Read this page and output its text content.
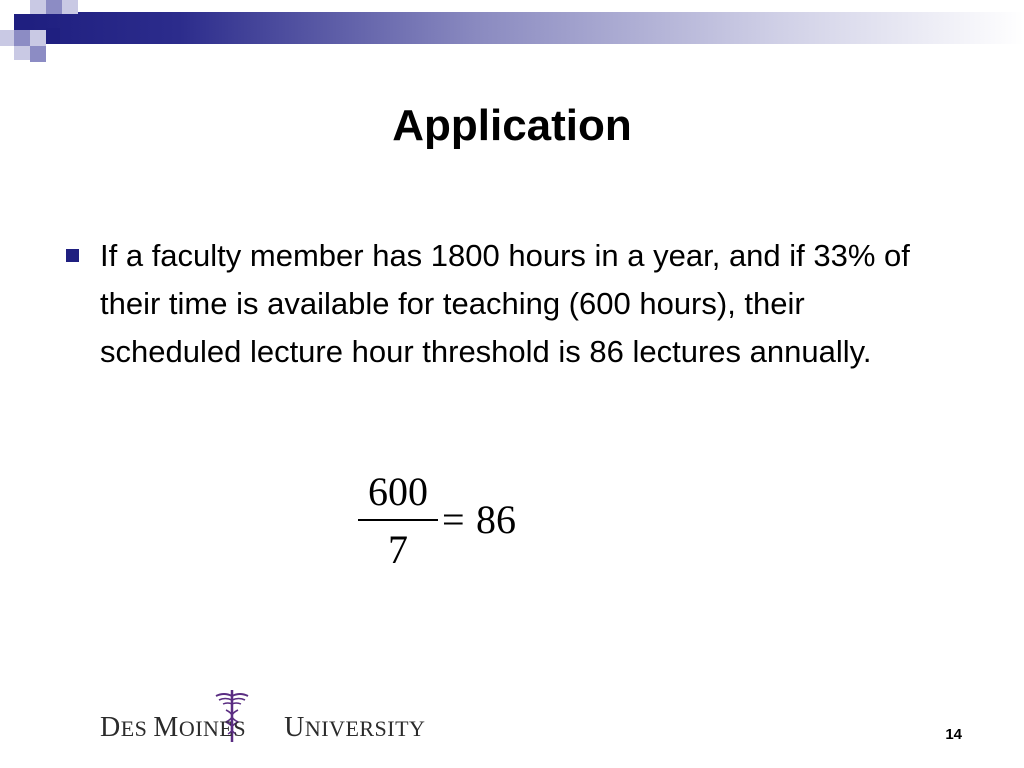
Application
If a faculty member has 1800 hours in a year, and if 33% of their time is available for teaching (600 hours), their scheduled lecture hour threshold is 86 lectures annually.
600
7
= 86
DES MOINES UNIVERSITY	14
